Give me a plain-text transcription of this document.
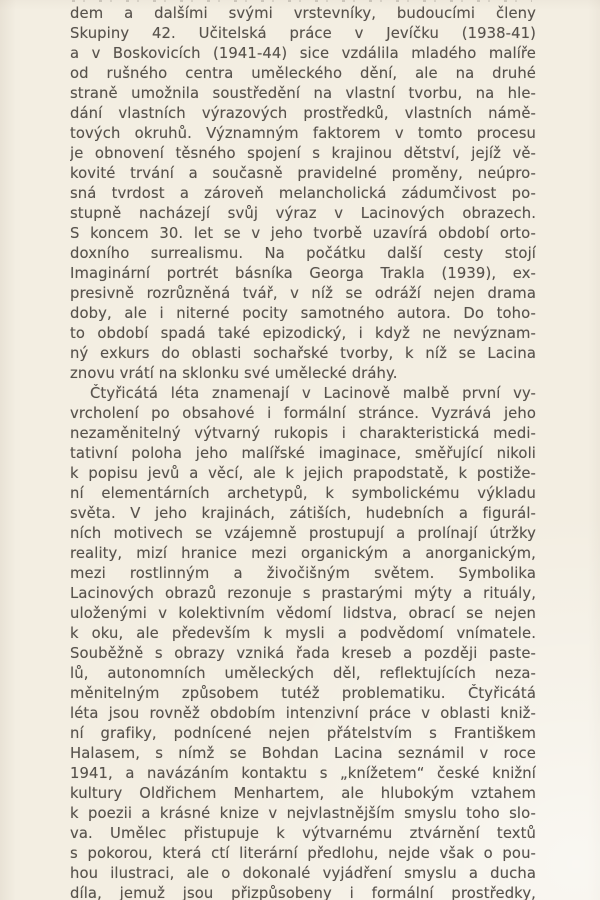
dem a dalšími svými vrstevníky, budoucími členy
Skupiny 42. Učitelská práce v Jevíčku (1938-41)
a v Boskovicích (1941-44) sice vzdálila mladého malíře
od rušného centra uměleckého dění, ale na druhé
straně umožnila soustředění na vlastní tvorbu, na hle-
dání vlastních výrazových prostředků, vlastních námě-
tových okruhů. Významným faktorem v tomto procesu
je obnovení těsného spojení s krajinou dětství, jejíž vě-
kovité trvání a současně pravidelné proměny, neúpro-
sná tvrdost a zároveň melancholická zádumčivost po-
stupně nacházejí svůj výraz v Lacinových obrazech.
S koncem 30. let se v jeho tvorbě uzavírá období orto-
doxního surrealismu. Na počátku další cesty stojí
Imaginární portrét básníka Georga Trakla (1939), ex-
presivně rozrůzněná tvář, v níž se odráží nejen drama
doby, ale i niterné pocity samotného autora. Do toho-
to období spadá také epizodický, i když ne nevýznam-
ný exkurs do oblasti sochařské tvorby, k níž se Lacina
znovu vrátí na sklonku své umělecké dráhy.
Čtyřicátá léta znamenají v Lacinově malbě první vy-
vrcholení po obsahové i formální stránce. Vyzrává jeho
nezaměnitelný výtvarný rukopis i charakteristická medi-
tativní poloha jeho malířské imaginace, směřující nikoli
k popisu jevů a věcí, ale k jejich prapodstatě, k postiže-
ní elementárních archetypů, k symbolickému výkladu
světa. V jeho krajinách, zátiších, hudebních a figurál-
ních motivech se vzájemně prostupují a prolínají útržky
reality, mizí hranice mezi organickým a anorganickým,
mezi rostlinným a živočišným světem. Symbolika
Lacinových obrazů rezonuje s prastarými mýty a rituály,
uloženými v kolektivním vědomí lidstva, obrací se nejen
k oku, ale především k mysli a podvědomí vnímatele.
Souběžně s obrazy vzniká řada kreseb a později paste-
lů, autonomních uměleckých děl, reflektujících neza-
měnitelným způsobem tutéž problematiku. Čtyřicátá
léta jsou rovněž obdobím intenzivní práce v oblasti kniž-
ní grafiky, podnícené nejen přátelstvím s Františkem
Halasem, s nímž se Bohdan Lacina seznámil v roce
1941, a navázáním kontaktu s „knížetem“ české knižní
kultury Oldřichem Menhartem, ale hlubokým vztahem
k poezii a krásné knize v nejvlastnějším smyslu toho slo-
va. Umělec přistupuje k výtvarnému ztvárnění textů
s pokorou, která ctí literární předlohu, nejde však o pou-
hou ilustraci, ale o dokonalé vyjádření smyslu a ducha
díla, jemuž jsou přizpůsobeny i formální prostředky,
